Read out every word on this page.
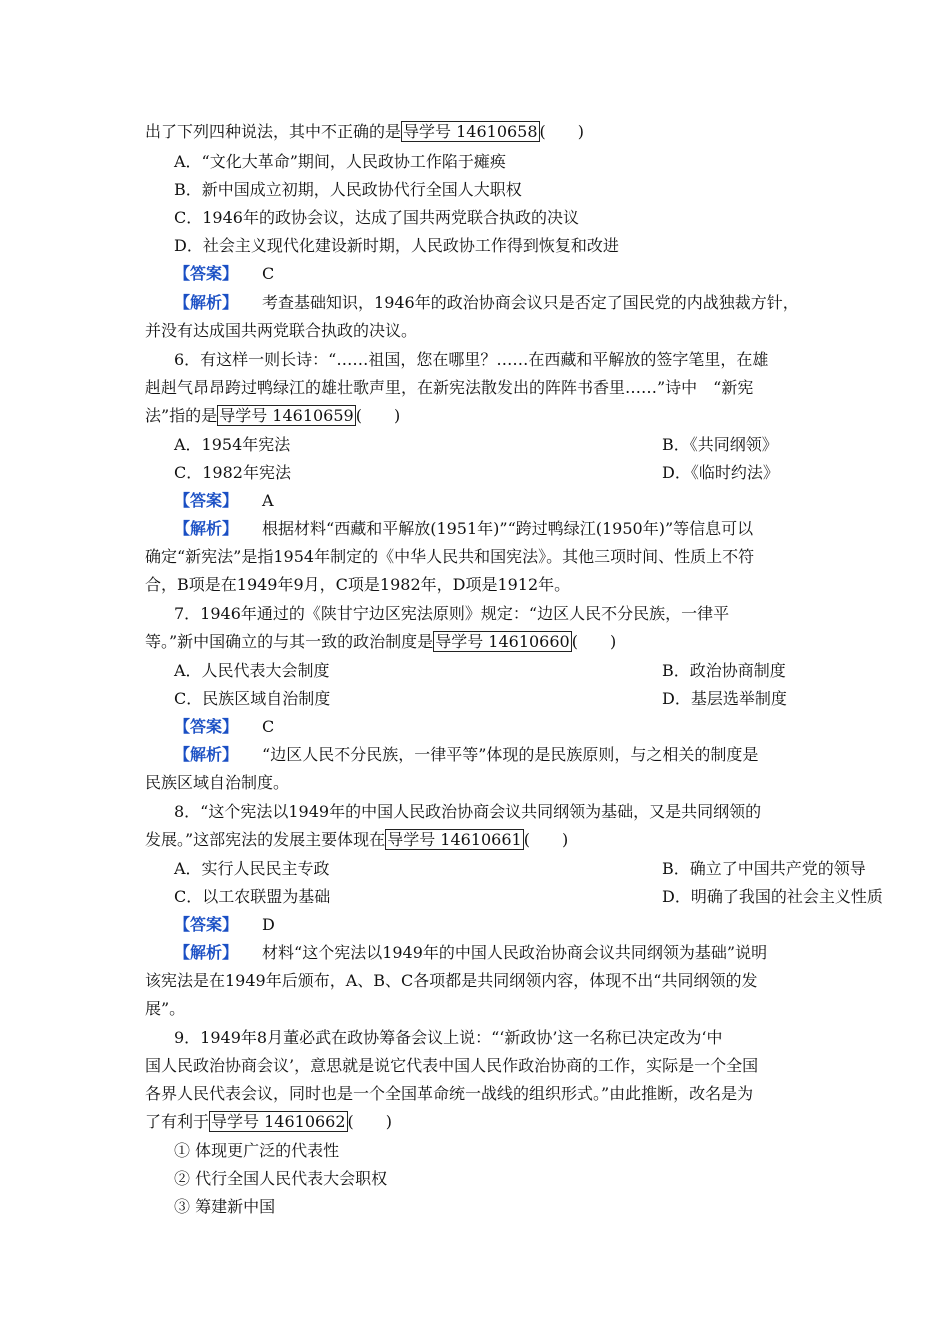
出了下列四种说法，其中不正确的是 导学号 14610658 (　　)
A．“文化大革命”期间，人民政协工作陷于瘫痪
B．新中国成立初期，人民政协代行全国人大职权
C．1946年的政协会议，达成了国共两党联合执政的决议
D．社会主义现代化建设新时期，人民政协工作得到恢复和改进
【答案】 C
【解析】 考查基础知识，1946年的政治协商会议只是否定了国民党的内战独裁方针，
并没有达成国共两党联合执政的决议。
6．有这样一则长诗：“……祖国，您在哪里？……在西藏和平解放的签字笔里，在雄
赳赳气昂昂跨过鸭绿江的雄壮歌声里，在新宪法散发出的阵阵书香里……”诗中　“新宪
法”指的是 导学号 14610659 (　　)
A．1954年宪法	B．《共同纲领》
C．1982年宪法	D．《临时约法》
【答案】 A
【解析】 根据材料“西藏和平解放(1951年)”“跨过鸭绿江(1950年)”等信息可以
确定“新宪法”是指1954年制定的《中华人民共和国宪法》。其他三项时间、性质上不符
合，B项是在1949年9月，C项是1982年，D项是1912年。
7．1946年通过的《陕甘宁边区宪法原则》规定：“边区人民不分民族，一律平
等。”新中国确立的与其一致的政治制度是 导学号 14610660 (　　)
A．人民代表大会制度	B．政治协商制度
C．民族区域自治制度	D．基层选举制度
【答案】 C
【解析】 “边区人民不分民族，一律平等”体现的是民族原则，与之相关的制度是
民族区域自治制度。
8．“这个宪法以1949年的中国人民政治协商会议共同纲领为基础，又是共同纲领的
发展。”这部宪法的发展主要体现在 导学号 14610661 (　　)
A．实行人民民主专政	B．确立了中国共产党的领导
C．以工农联盟为基础	D．明确了我国的社会主义性质
【答案】 D
【解析】 材料“这个宪法以1949年的中国人民政治协商会议共同纲领为基础”说明
该宪法是在1949年后颁布，A、B、C各项都是共同纲领内容，体现不出“共同纲领的发
展”。
9．1949年8月董必武在政协筹备会议上说：“‘新政协’这一名称已决定改为‘中
国人民政治协商会议’，意思就是说它代表中国人民作政治协商的工作，实际是一个全国
各界人民代表会议，同时也是一个全国革命统一战线的组织形式。”由此推断，改名是为
了有利于 导学号 14610662 (　　)
① 体现更广泛的代表性
② 代行全国人民代表大会职权
③ 筹建新中国
